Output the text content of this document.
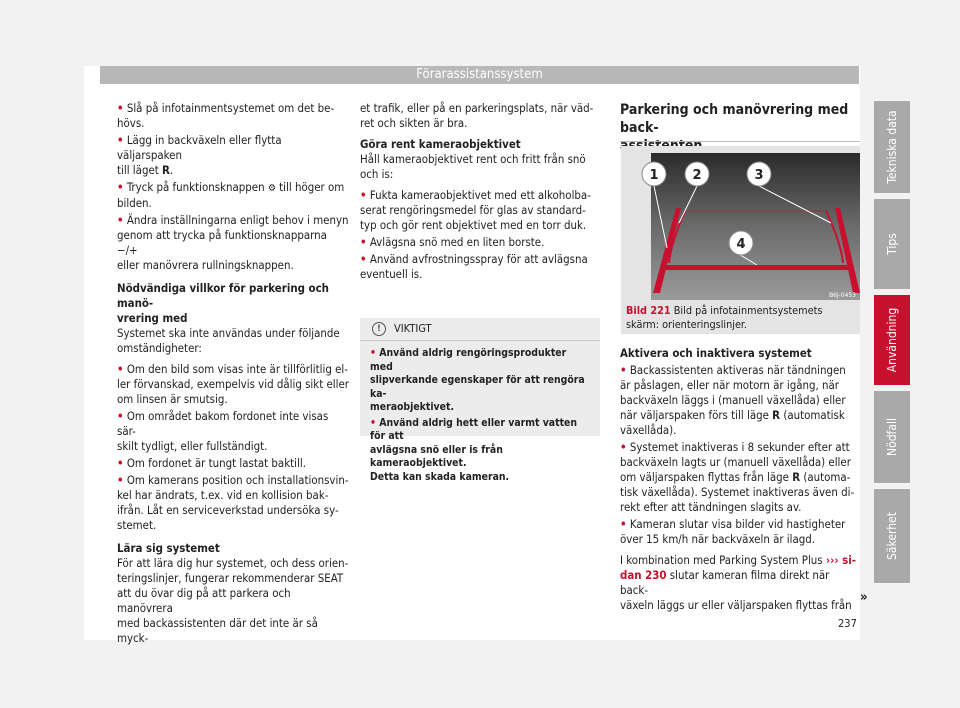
Förarassistanssystem

• Slå på infotainmentsystemet om det be-
hövs.

• Lägg in backväxeln eller flytta väljarspaken
till läget R.

• Tryck på funktionsknappen ⚙ till höger om
bilden.

• Ändra inställningarna enligt behov i menyn
genom att trycka på funktionsknapparna −/+
eller manövrera rullningsknappen.

Nödvändiga villkor för parkering och manö-
vrering med

Systemet ska inte användas under följande
omständigheter:

• Om den bild som visas inte är tillförlitlig el-
ler förvanskad, exempelvis vid dålig sikt eller
om linsen är smutsig.

• Om området bakom fordonet inte visas sär-
skilt tydligt, eller fullständigt.

• Om fordonet är tungt lastat baktill.

• Om kamerans position och installationsvin-
kel har ändrats, t.ex. vid en kollision bak-
ifrån. Låt en serviceverkstad undersöka sy-
stemet.

Lära sig systemet

För att lära dig hur systemet, och dess orien-
teringslinjer, fungerar rekommenderar SEAT
att du övar dig på att parkera och manövrera
med backassistenten där det inte är så myck-

et trafik, eller på en parkeringsplats, när väd-
ret och sikten är bra.

Göra rent kameraobjektivet

Håll kameraobjektivet rent och fritt från snö
och is:

• Fukta kameraobjektivet med ett alkoholba-
serat rengöringsmedel för glas av standard-
typ och gör rent objektivet med en torr duk.

• Avlägsna snö med en liten borste.

• Använd avfrostningsspray för att avlägsna
eventuell is.

!	VIKTIGT

• Använd aldrig rengöringsprodukter med
slipverkande egenskaper för att rengöra ka-
meraobjektivet.

• Använd aldrig hett eller varmt vatten för att
avlägsna snö eller is från kameraobjektivet.
Detta kan skada kameran.

Parkering och manövrering med back-

1	2	3
4
B6J-0453
Bild 221 Bild på infotainmentsystemets
skärm: orienteringslinjer.

Aktivera och inaktivera systemet

• Backassistenten aktiveras när tändningen
är påslagen, eller när motorn är igång, när
backväxeln läggs i (manuell växellåda) eller
när väljarspaken förs till läge R (automatisk
växellåda).

• Systemet inaktiveras i 8 sekunder efter att
backväxeln lagts ur (manuell växellåda) eller
om väljarspaken flyttas från läge R (automa-
tisk växellåda). Systemet inaktiveras även di-
rekt efter att tändningen slagits av.

• Kameran slutar visa bilder vid hastigheter
över 15 km/h när backväxeln är ilagd.

I kombination med Parking System Plus ››› si-
dan 230 slutar kameran filma direkt när back-
växeln läggs ur eller väljarspaken flyttas från »
Tekniska data
Tips
Användning
Nödfall
Säkerhet
237
